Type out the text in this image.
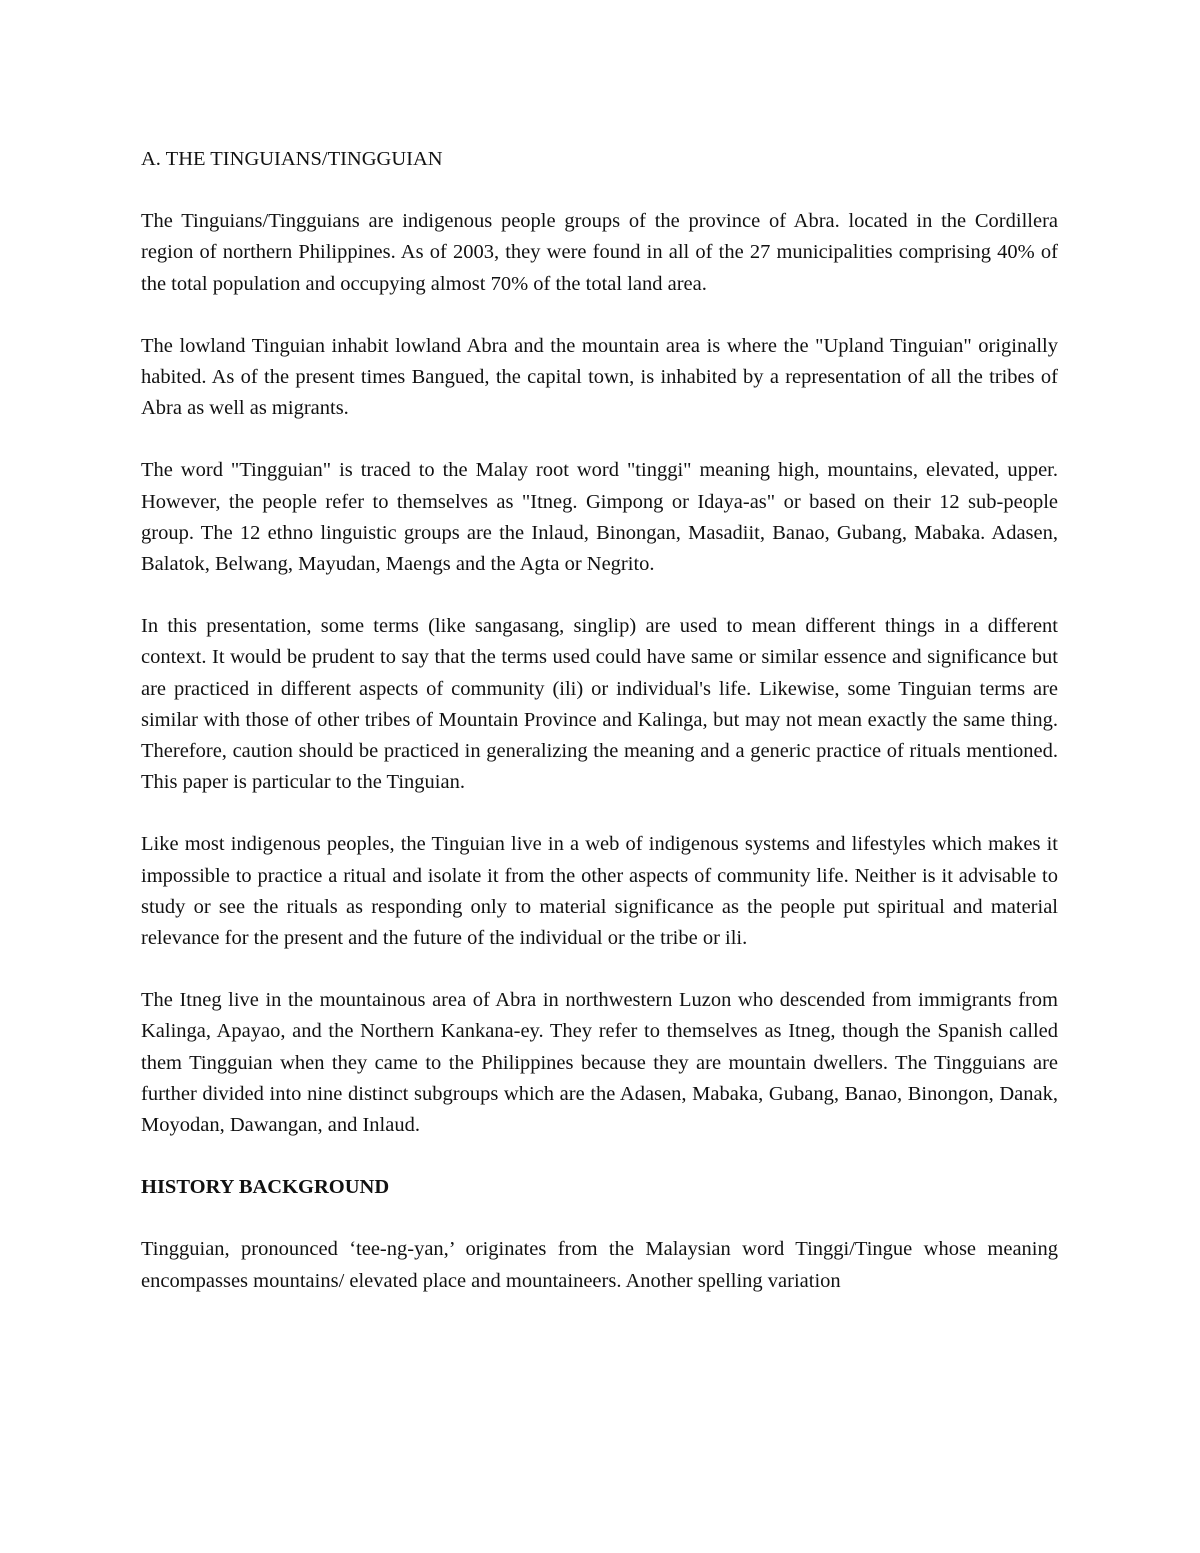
A. THE TINGUIANS/TINGGUIAN

The Tinguians/Tingguians are indigenous people groups of the province of Abra. located in the Cordillera region of northern Philippines. As of 2003, they were found in all of the 27 municipalities comprising 40% of the total population and occupying almost 70% of the total land area.

The lowland Tinguian inhabit lowland Abra and the mountain area is where the "Upland Tinguian" originally habited. As of the present times Bangued, the capital town, is inhabited by a representation of all the tribes of Abra as well as migrants.

The word "Tingguian" is traced to the Malay root word "tinggi" meaning high, mountains, elevated, upper. However, the people refer to themselves as "Itneg. Gimpong or Idaya-as" or based on their 12 sub-people group. The 12 ethno linguistic groups are the Inlaud, Binongan, Masadiit, Banao, Gubang, Mabaka. Adasen, Balatok, Belwang, Mayudan, Maengs and the Agta or Negrito.

In this presentation, some terms (like sangasang, singlip) are used to mean different things in a different context. It would be prudent to say that the terms used could have same or similar essence and significance but are practiced in different aspects of community (ili) or individual's life. Likewise, some Tinguian terms are similar with those of other tribes of Mountain Province and Kalinga, but may not mean exactly the same thing. Therefore, caution should be practiced in generalizing the meaning and a generic practice of rituals mentioned. This paper is particular to the Tinguian.

Like most indigenous peoples, the Tinguian live in a web of indigenous systems and lifestyles which makes it impossible to practice a ritual and isolate it from the other aspects of community life. Neither is it advisable to study or see the rituals as responding only to material significance as the people put spiritual and material relevance for the present and the future of the individual or the tribe or ili.

The Itneg live in the mountainous area of Abra in northwestern Luzon who descended from immigrants from Kalinga, Apayao, and the Northern Kankana-ey. They refer to themselves as Itneg, though the Spanish called them Tingguian when they came to the Philippines because they are mountain dwellers. The Tingguians are further divided into nine distinct subgroups which are the Adasen, Mabaka, Gubang, Banao, Binongon, Danak, Moyodan, Dawangan, and Inlaud.

HISTORY BACKGROUND

Tingguian, pronounced ‘tee-ng-yan,’ originates from the Malaysian word Tinggi/Tingue whose meaning encompasses mountains/ elevated place and mountaineers. Another spelling variation
